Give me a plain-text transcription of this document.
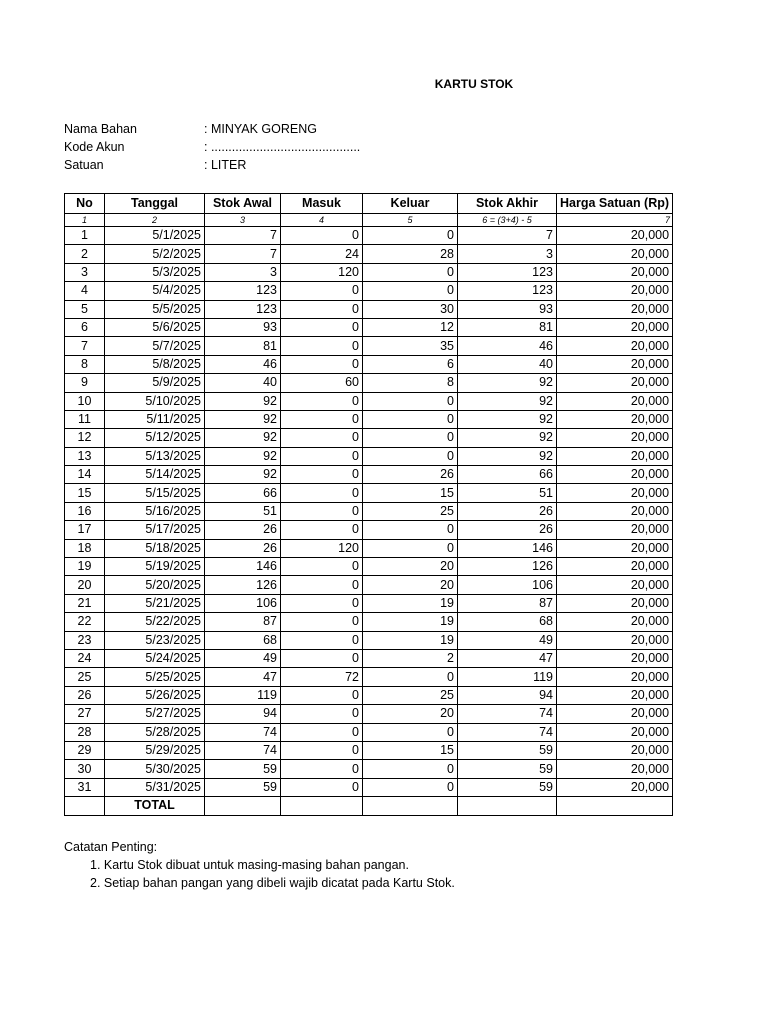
KARTU STOK
Nama Bahan	: MINYAK GORENG
Kode Akun	: ...........................................
Satuan	: LITER
No	Tanggal	Stok Awal	Masuk	Keluar	Stok Akhir	Harga Satuan (Rp)
1	2	3	4	5	6 = (3+4) - 5	7
1	5/1/2025	7	0	0	7	20,000
2	5/2/2025	7	24	28	3	20,000
3	5/3/2025	3	120	0	123	20,000
4	5/4/2025	123	0	0	123	20,000
5	5/5/2025	123	0	30	93	20,000
6	5/6/2025	93	0	12	81	20,000
7	5/7/2025	81	0	35	46	20,000
8	5/8/2025	46	0	6	40	20,000
9	5/9/2025	40	60	8	92	20,000
10	5/10/2025	92	0	0	92	20,000
11	5/11/2025	92	0	0	92	20,000
12	5/12/2025	92	0	0	92	20,000
13	5/13/2025	92	0	0	92	20,000
14	5/14/2025	92	0	26	66	20,000
15	5/15/2025	66	0	15	51	20,000
16	5/16/2025	51	0	25	26	20,000
17	5/17/2025	26	0	0	26	20,000
18	5/18/2025	26	120	0	146	20,000
19	5/19/2025	146	0	20	126	20,000
20	5/20/2025	126	0	20	106	20,000
21	5/21/2025	106	0	19	87	20,000
22	5/22/2025	87	0	19	68	20,000
23	5/23/2025	68	0	19	49	20,000
24	5/24/2025	49	0	2	47	20,000
25	5/25/2025	47	72	0	119	20,000
26	5/26/2025	119	0	25	94	20,000
27	5/27/2025	94	0	20	74	20,000
28	5/28/2025	74	0	0	74	20,000
29	5/29/2025	74	0	15	59	20,000
30	5/30/2025	59	0	0	59	20,000
31	5/31/2025	59	0	0	59	20,000
	TOTAL					
Catatan Penting:
1. Kartu Stok dibuat untuk masing-masing bahan pangan.
2. Setiap bahan pangan yang dibeli wajib dicatat pada Kartu Stok.
